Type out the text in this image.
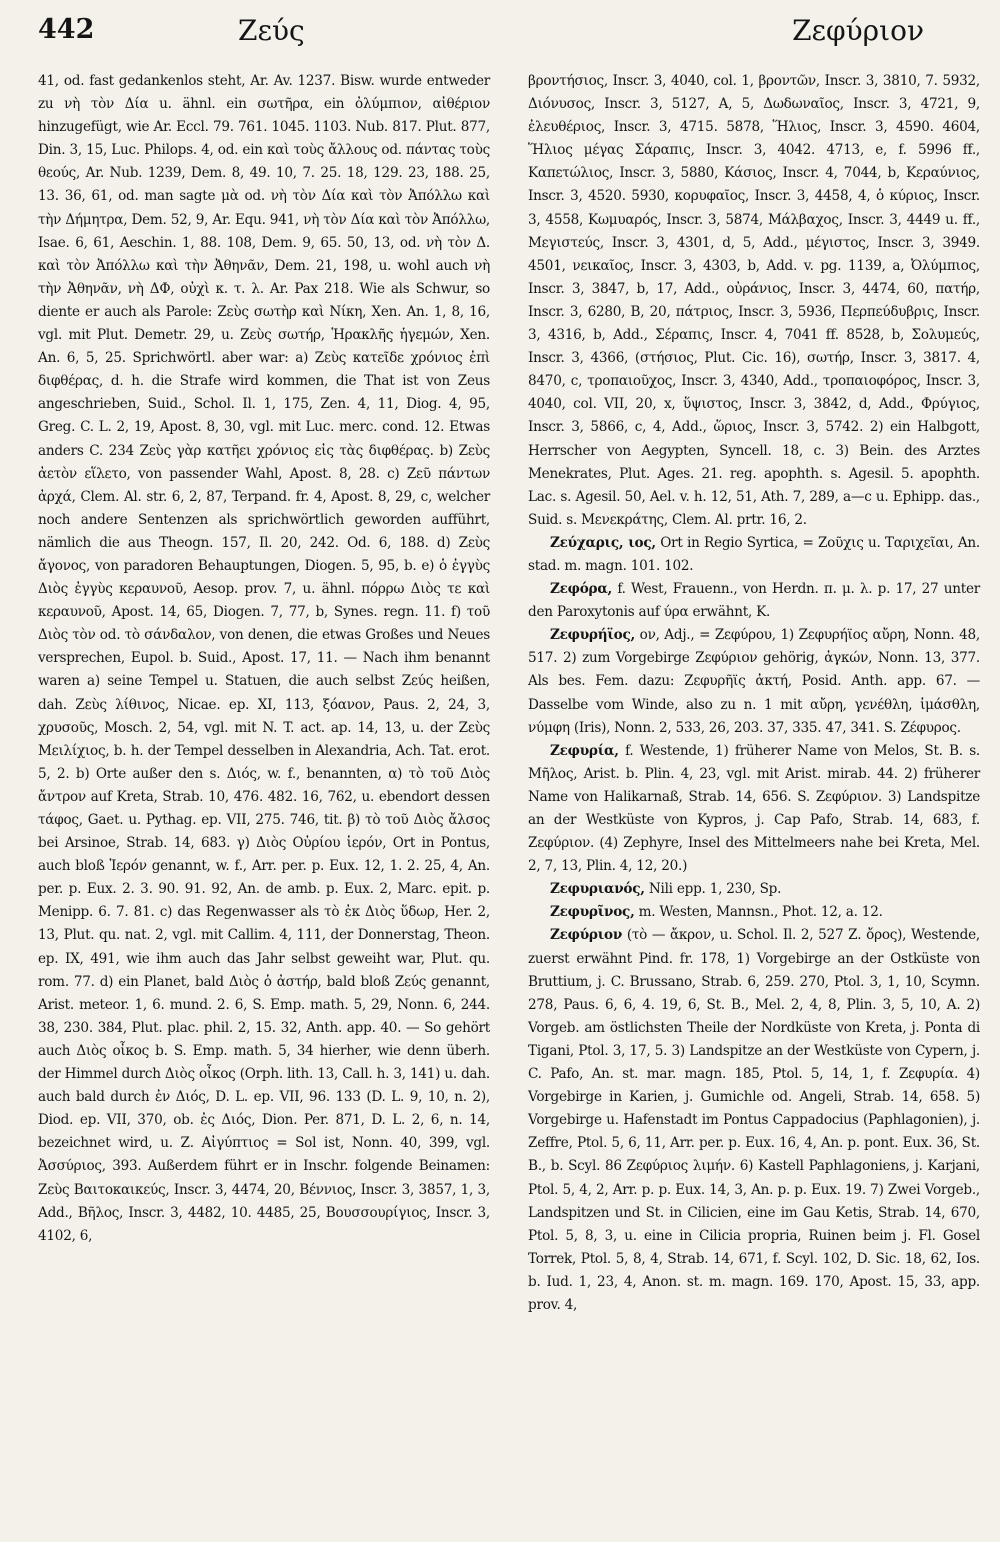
442	Ζεύς	Ζεφύριον

41, od. fast gedankenlos steht, Ar. Av. 1237. Bisw. wurde entweder zu νὴ τὸν Δία u. ähnl. ein σωτῆρα, ein ὀλύμπιον, αἰθέριον hinzugefügt, wie Ar. Eccl. 79. 761. 1045. 1103. Nub. 817. Plut. 877, Din. 3, 15, Luc. Philops. 4, od. ein καὶ τοὺς ἄλλους od. πάντας τοὺς θεούς, Ar. Nub. 1239, Dem. 8, 49. 10, 7. 25. 18, 129. 23, 188. 25, 13. 36, 61, od. man sagte μὰ od. νὴ τὸν Δία καὶ τὸν Ἀπόλλω καὶ τὴν Δήμητρα, Dem. 52, 9, Ar. Equ. 941, νὴ τὸν Δία καὶ τὸν Ἀπόλλω, Isae. 6, 61, Aeschin. 1, 88. 108, Dem. 9, 65. 50, 13, od. νὴ τὸν Δ. καὶ τὸν Ἀπόλλω καὶ τὴν Ἀθηνᾶν, Dem. 21, 198, u. wohl auch νὴ τὴν Ἀθηνᾶν, νὴ ΔΦ, οὐχὶ κ. τ. λ. Ar. Pax 218. Wie als Schwur, so diente er auch als Parole: Ζεὺς σωτὴρ καὶ Νίκη, Xen. An. 1, 8, 16, vgl. mit Plut. Demetr. 29, u. Ζεὺς σωτήρ, Ἡρακλῆς ἡγεμών, Xen. An. 6, 5, 25. Sprichwörtl. aber war: a) Ζεὺς κατεῖδε χρόνιος ἐπὶ διφθέρας, d. h. die Strafe wird kommen, die That ist von Zeus angeschrieben, Suid., Schol. Il. 1, 175, Zen. 4, 11, Diog. 4, 95, Greg. C. L. 2, 19, Apost. 8, 30, vgl. mit Luc. merc. cond. 12. Etwas anders C. 234 Ζεὺς γὰρ κατῆει χρόνιος εἰς τὰς διφθέρας. b) Ζεὺς ἀετὸν εἵλετο, von passender Wahl, Apost. 8, 28. c) Ζεῦ πάντων ἀρχά, Clem. Al. str. 6, 2, 87, Terpand. fr. 4, Apost. 8, 29, c, welcher noch andere Sentenzen als sprichwörtlich geworden aufführt, nämlich die aus Theogn. 157, Il. 20, 242. Od. 6, 188. d) Ζεὺς ἄγονος, von paradoren Behauptungen, Diogen. 5, 95, b. e) ὁ ἐγγὺς Διὸς ἐγγὺς κεραυνοῦ, Aesop. prov. 7, u. ähnl. πόρρω Διὸς τε καὶ κεραυνοῦ, Apost. 14, 65, Diogen. 7, 77, b, Synes. regn. 11. f) τοῦ Διὸς τὸν od. τὸ σάνδαλον, von denen, die etwas Großes und Neues versprechen, Eupol. b. Suid., Apost. 17, 11. — Nach ihm benannt waren a) seine Tempel u. Statuen, die auch selbst Ζεύς heißen, dah. Ζεὺς λίθινος, Nicae. ep. XI, 113, ξόανον, Paus. 2, 24, 3, χρυσοῦς, Mosch. 2, 54, vgl. mit N. T. act. ap. 14, 13, u. der Ζεὺς Μειλίχιος, b. h. der Tempel desselben in Alexandria, Ach. Tat. erot. 5, 2. b) Orte außer den s. Διός, w. f., benannten, α) τὸ τοῦ Διὸς ἄντρον auf Kreta, Strab. 10, 476. 482. 16, 762, u. ebendort dessen τάφος, Gaet. u. Pythag. ep. VII, 275. 746, tit. β) τὸ τοῦ Διὸς ἄλσος bei Arsinoe, Strab. 14, 683. γ) Διὸς Οὐρίου ἱερόν, Ort in Pontus, auch bloß Ἱερόν genannt, w. f., Arr. per. p. Eux. 12, 1. 2. 25, 4, An. per. p. Eux. 2. 3. 90. 91. 92, An. de amb. p. Eux. 2, Marc. epit. p. Menipp. 6. 7. 81. c) das Regenwasser als τὸ ἐκ Διὸς ὕδωρ, Her. 2, 13, Plut. qu. nat. 2, vgl. mit Callim. 4, 111, der Donnerstag, Theon. ep. IX, 491, wie ihm auch das Jahr selbst geweiht war, Plut. qu. rom. 77. d) ein Planet, bald Διὸς ὁ ἀστήρ, bald bloß Ζεύς genannt, Arist. meteor. 1, 6. mund. 2. 6, S. Emp. math. 5, 29, Nonn. 6, 244. 38, 230. 384, Plut. plac. phil. 2, 15. 32, Anth. app. 40. — So gehört auch Διὸς οἶκος b. S. Emp. math. 5, 34 hierher, wie denn überh. der Himmel durch Διὸς οἶκος (Orph. lith. 13, Call. h. 3, 141) u. dah. auch bald durch ἐν Διός, D. L. ep. VII, 96. 133 (D. L. 9, 10, n. 2), Diod. ep. VII, 370, ob. ἐς Διός, Dion. Per. 871, D. L. 2, 6, n. 14, bezeichnet wird, u. Ζ. Αἰγύπτιος = Sol ist, Nonn. 40, 399, vgl. Ἀσσύριος, 393. Außerdem führt er in Inschr. folgende Beinamen: Ζεὺς Βαιτοκαικεύς, Inscr. 3, 4474, 20, Βέννιος, Inscr. 3, 3857, 1, 3, Add., Βῆλος, Inscr. 3, 4482, 10. 4485, 25, Βουσσουρίγιος, Inscr. 3, 4102, 6,

βροντήσιος, Inscr. 3, 4040, col. 1, βροντῶν, Inscr. 3, 3810, 7. 5932, Διόνυσος, Inscr. 3, 5127, A, 5, Δωδωναῖος, Inscr. 3, 4721, 9, ἐλευθέριος, Inscr. 3, 4715. 5878, Ἥλιος, Inscr. 3, 4590. 4604, Ἥλιος μέγας Σάραπις, Inscr. 3, 4042. 4713, e, f. 5996 ff., Καπετώλιος, Inscr. 3, 5880, Κάσιος, Inscr. 4, 7044, b, Κεραύνιος, Inscr. 3, 4520. 5930, κορυφαῖος, Inscr. 3, 4458, 4, ὁ κύριος, Inscr. 3, 4558, Κωμυαρός, Inscr. 3, 5874, Μάλβαχος, Inscr. 3, 4449 u. ff., Μεγιστεύς, Inscr. 3, 4301, d, 5, Add., μέγιστος, Inscr. 3, 3949. 4501, νεικαῖος, Inscr. 3, 4303, b, Add. v. pg. 1139, a, Ὀλύμπιος, Inscr. 3, 3847, b, 17, Add., οὐράνιος, Inscr. 3, 4474, 60, πατήρ, Inscr. 3, 6280, B, 20, πάτριος, Inscr. 3, 5936, Περπεύδυβρις, Inscr. 3, 4316, b, Add., Σέραπις, Inscr. 4, 7041 ff. 8528, b, Σολυμεύς, Inscr. 3, 4366, (στήσιος, Plut. Cic. 16), σωτήρ, Inscr. 3, 3817. 4, 8470, c, τροπαιοῦχος, Inscr. 3, 4340, Add., τροπαιοφόρος, Inscr. 3, 4040, col. VII, 20, x, ὕψιστος, Inscr. 3, 3842, d, Add., Φρύγιος, Inscr. 3, 5866, c, 4, Add., ὥριος, Inscr. 3, 5742. 2) ein Halbgott, Herrscher von Aegypten, Syncell. 18, c. 3) Bein. des Arztes Menekrates, Plut. Ages. 21. reg. apophth. s. Agesil. 5. apophth. Lac. s. Agesil. 50, Ael. v. h. 12, 51, Ath. 7, 289, a—c u. Ephipp. das., Suid. s. Μενεκράτης, Clem. Al. prtr. 16, 2.

Ζεύχαρις, ιος, Ort in Regio Syrtica, = Ζοῦχις u. Ταριχεῖαι, An. stad. m. magn. 101. 102.

Ζεφόρα, f. West, Frauenn., von Herdn. π. μ. λ. p. 17, 27 unter den Paroxytonis auf ύρα erwähnt, K.

Ζεφυρήϊος, ον, Adj., = Ζεφύρου, 1) Ζεφυρήϊος αὔρη, Nonn. 48, 517. 2) zum Vorgebirge Ζεφύριον gehörig, ἀγκών, Nonn. 13, 377. Als bes. Fem. dazu: Ζεφυρῆϊς ἀκτή, Posid. Anth. app. 67. — Dasselbe vom Winde, also zu n. 1 mit αὔρη, γενέθλη, ἱμάσθλη, νύμφη (Iris), Nonn. 2, 533, 26, 203. 37, 335. 47, 341. S. Ζέφυρος.

Ζεφυρία, f. Westende, 1) früherer Name von Melos, St. B. s. Μῆλος, Arist. b. Plin. 4, 23, vgl. mit Arist. mirab. 44. 2) früherer Name von Halikarnaß, Strab. 14, 656. S. Ζεφύριον. 3) Landspitze an der Westküste von Kypros, j. Cap Pafo, Strab. 14, 683, f. Ζεφύριον. (4) Zephyre, Insel des Mittelmeers nahe bei Kreta, Mel. 2, 7, 13, Plin. 4, 12, 20.)

Ζεφυριανός, Nili epp. 1, 230, Sp.

Ζεφυρῖνος, m. Westen, Mannsn., Phot. 12, a. 12.

Ζεφύριον (τὸ — ἄκρον, u. Schol. Il. 2, 527 Ζ. ὄρος), Westende, zuerst erwähnt Pind. fr. 178, 1) Vorgebirge an der Ostküste von Bruttium, j. C. Brussano, Strab. 6, 259. 270, Ptol. 3, 1, 10, Scymn. 278, Paus. 6, 6, 4. 19, 6, St. B., Mel. 2, 4, 8, Plin. 3, 5, 10, A. 2) Vorgeb. am östlichsten Theile der Nordküste von Kreta, j. Ponta di Tigani, Ptol. 3, 17, 5. 3) Landspitze an der Westküste von Cypern, j. C. Pafo, An. st. mar. magn. 185, Ptol. 5, 14, 1, f. Ζεφυρία. 4) Vorgebirge in Karien, j. Gumichle od. Angeli, Strab. 14, 658. 5) Vorgebirge u. Hafenstadt im Pontus Cappadocius (Paphlagonien), j. Zeffre, Ptol. 5, 6, 11, Arr. per. p. Eux. 16, 4, An. p. pont. Eux. 36, St. B., b. Scyl. 86 Ζεφύριος λιμήν. 6) Kastell Paphlagoniens, j. Karjani, Ptol. 5, 4, 2, Arr. p. p. Eux. 14, 3, An. p. p. Eux. 19. 7) Zwei Vorgeb., Landspitzen und St. in Cilicien, eine im Gau Ketis, Strab. 14, 670, Ptol. 5, 8, 3, u. eine in Cilicia propria, Ruinen beim j. Fl. Gosel Torrek, Ptol. 5, 8, 4, Strab. 14, 671, f. Scyl. 102, D. Sic. 18, 62, Ios. b. Iud. 1, 23, 4, Anon. st. m. magn. 169. 170, Apost. 15, 33, app. prov. 4,
